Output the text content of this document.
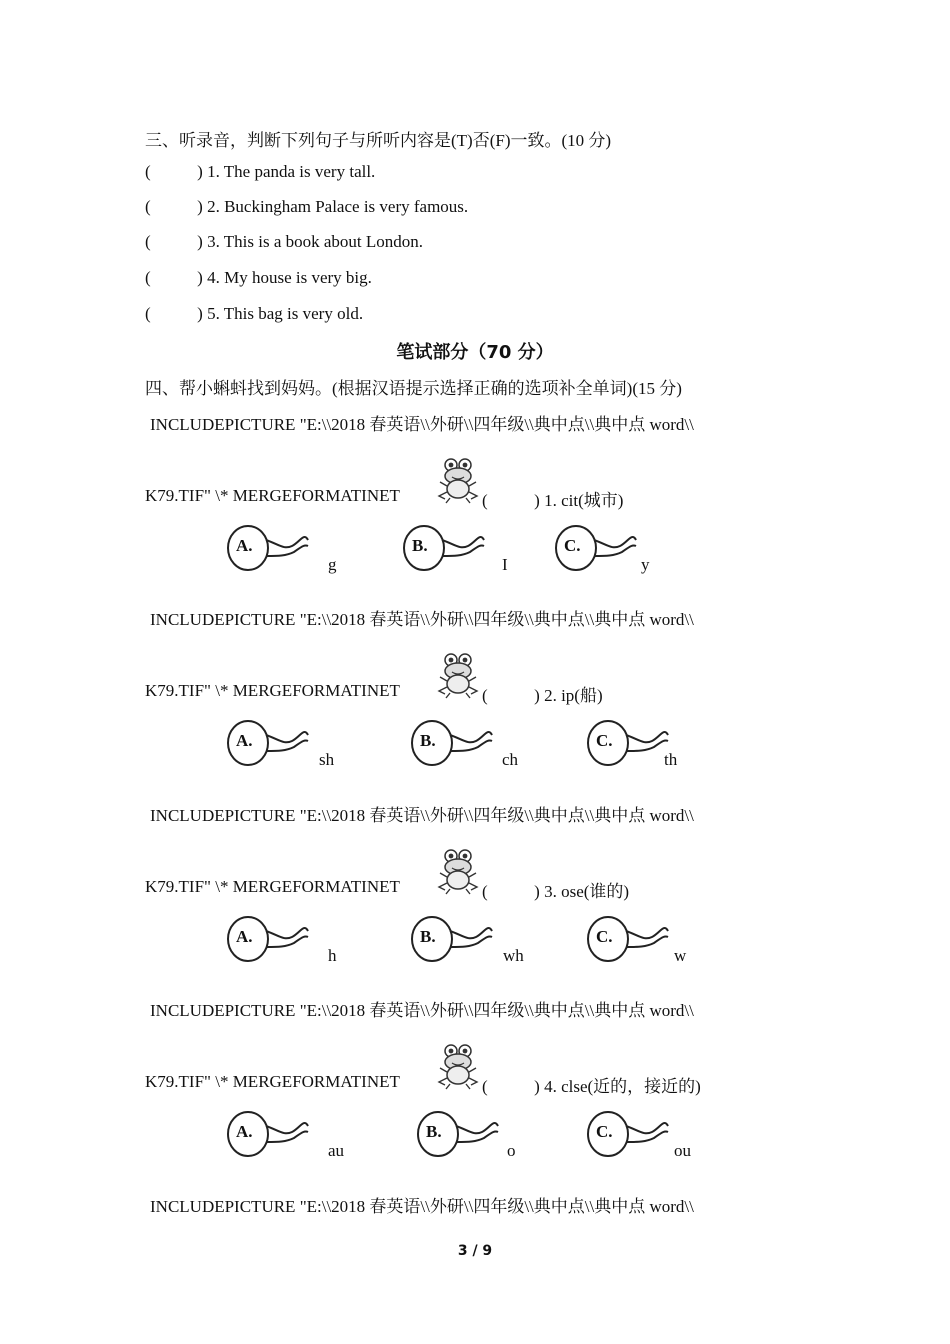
三、听录音，判断下列句子与所听内容是(T)否(F)一致。(10 分)
(	) 1. The panda is very tall.
(	) 2. Buckingham Palace is very famous.
(	) 3. This is a book about London.
(	) 4. My house is very big.
(	) 5. This bag is very old.
笔试部分（70 分）
四、帮小蝌蚪找到妈妈。(根据汉语提示选择正确的选项补全单词)(15 分)
INCLUDEPICTURE "E:\\2018 春英语\\外研\\四年级\\典中点\\典中点 word\\
K79.TIF" \* MERGEFORMATINET	(	) 1. cit(城市)
A.
g
B.
I
C.
y
INCLUDEPICTURE "E:\\2018 春英语\\外研\\四年级\\典中点\\典中点 word\\
K79.TIF" \* MERGEFORMATINET	(	) 2. ip(船)
A.
sh
B.
ch
C.
th
INCLUDEPICTURE "E:\\2018 春英语\\外研\\四年级\\典中点\\典中点 word\\
K79.TIF" \* MERGEFORMATINET	(	) 3. ose(谁的)
A.
h
B.
wh
C.
w
INCLUDEPICTURE "E:\\2018 春英语\\外研\\四年级\\典中点\\典中点 word\\
K79.TIF" \* MERGEFORMATINET	(	) 4. clse(近的，接近的)
A.
au
B.
o
C.
ou
INCLUDEPICTURE "E:\\2018 春英语\\外研\\四年级\\典中点\\典中点 word\\
3 / 9
